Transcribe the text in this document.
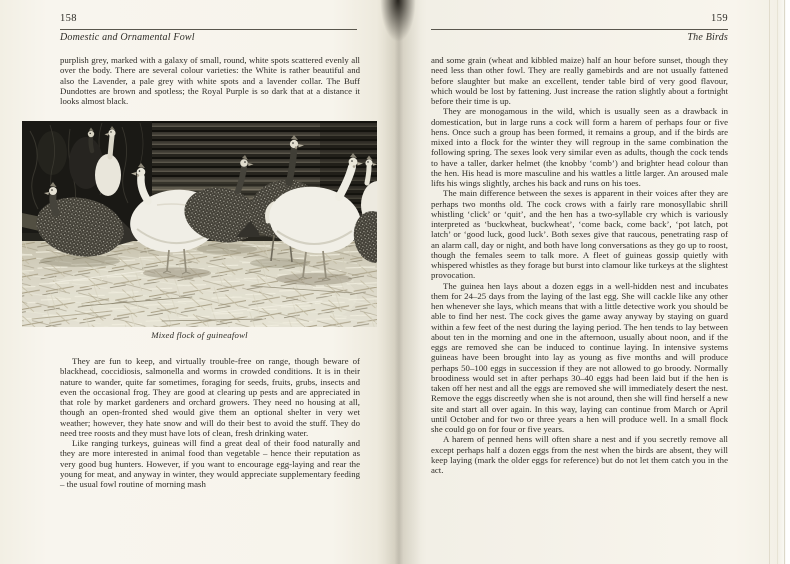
158
Domestic and Ornamental Fowl

purplish grey, marked with a galaxy of small, round, white spots scattered evenly all over the body. There are several colour varieties: the White is rather beautiful and also the Lavender, a pale grey with white spots and a lavender collar. The Buff Dundottes are brown and spotless; the Royal Purple is so dark that at a distance it looks almost black.

Mixed flock of guineafowl

They are fun to keep, and virtually trouble-free on range, though beware of blackhead, coccidiosis, salmonella and worms in crowded conditions. It is in their nature to wander, quite far sometimes, foraging for seeds, fruits, grubs, insects and even the occasional frog. They are good at clearing up pests and are appreciated in that role by market gardeners and orchard growers. They need no housing at all, though an open-fronted shed would give them an optional shelter in very wet weather; however, they hate snow and will do their best to avoid the stuff. They do need tree roosts and they must have lots of clean, fresh drinking water.

Like ranging turkeys, guineas will find a great deal of their food naturally and they are more interested in animal food than vegetable – hence their reputation as very good bug hunters. However, if you want to encourage egg-laying and rear the young for meat, and anyway in winter, they would appreciate supplementary feeding – the usual fowl routine of morning mash

159
The Birds

and some grain (wheat and kibbled maize) half an hour before sunset, though they need less than other fowl. They are really gamebirds and are not usually fattened before slaughter but make an excellent, tender table bird of very good flavour, which would be lost by fattening. Just increase the ration slightly about a fortnight before their time is up.

They are monogamous in the wild, which is usually seen as a drawback in domestication, but in large runs a cock will form a harem of perhaps four or five hens. Once such a group has been formed, it remains a group, and if the birds are mixed into a flock for the winter they will regroup in the same combination the following spring. The sexes look very similar even as adults, though the cock tends to have a taller, darker helmet (the knobby ‘comb’) and brighter head colour than the hen. His head is more masculine and his wattles a little larger. An aroused male lifts his wings slightly, arches his back and runs on his toes.

The main difference between the sexes is apparent in their voices after they are perhaps two months old. The cock crows with a fairly rare monosyllabic shrill whistling ‘click’ or ‘quit’, and the hen has a two-syllable cry which is variously interpreted as ‘buckwheat, buckwheat’, ‘come back, come back’, ‘pot latch, pot latch’ or ‘good luck, good luck’. Both sexes give that raucous, penetrating rasp of an alarm call, day or night, and both have long conversations as they go up to roost, though the females seem to talk more. A fleet of guineas gossip quietly with whispered whistles as they forage but burst into clamour like turkeys at the slightest provocation.

The guinea hen lays about a dozen eggs in a well-hidden nest and incubates them for 24–25 days from the laying of the last egg. She will cackle like any other hen whenever she lays, which means that with a little detective work you should be able to find her nest. The cock gives the game away anyway by staying on guard within a few feet of the nest during the laying period. The hen tends to lay between about ten in the morning and one in the afternoon, usually about noon, and if the eggs are removed she can be induced to continue laying. In intensive systems guineas have been brought into lay as young as five months and will produce perhaps 50–100 eggs in succession if they are not allowed to go broody. Normally broodiness would set in after perhaps 30–40 eggs had been laid but if the hen is taken off her nest and all the eggs are removed she will immediately desert the nest. Remove the eggs discreetly when she is not around, then she will find herself a new site and start all over again. In this way, laying can continue from March or April until October and for two or three years a hen will produce well. In a small flock she could go on for four or five years.

A harem of penned hens will often share a nest and if you secretly remove all except perhaps half a dozen eggs from the nest when the birds are absent, they will keep laying (mark the older eggs for reference) but do not let them catch you in the act.
